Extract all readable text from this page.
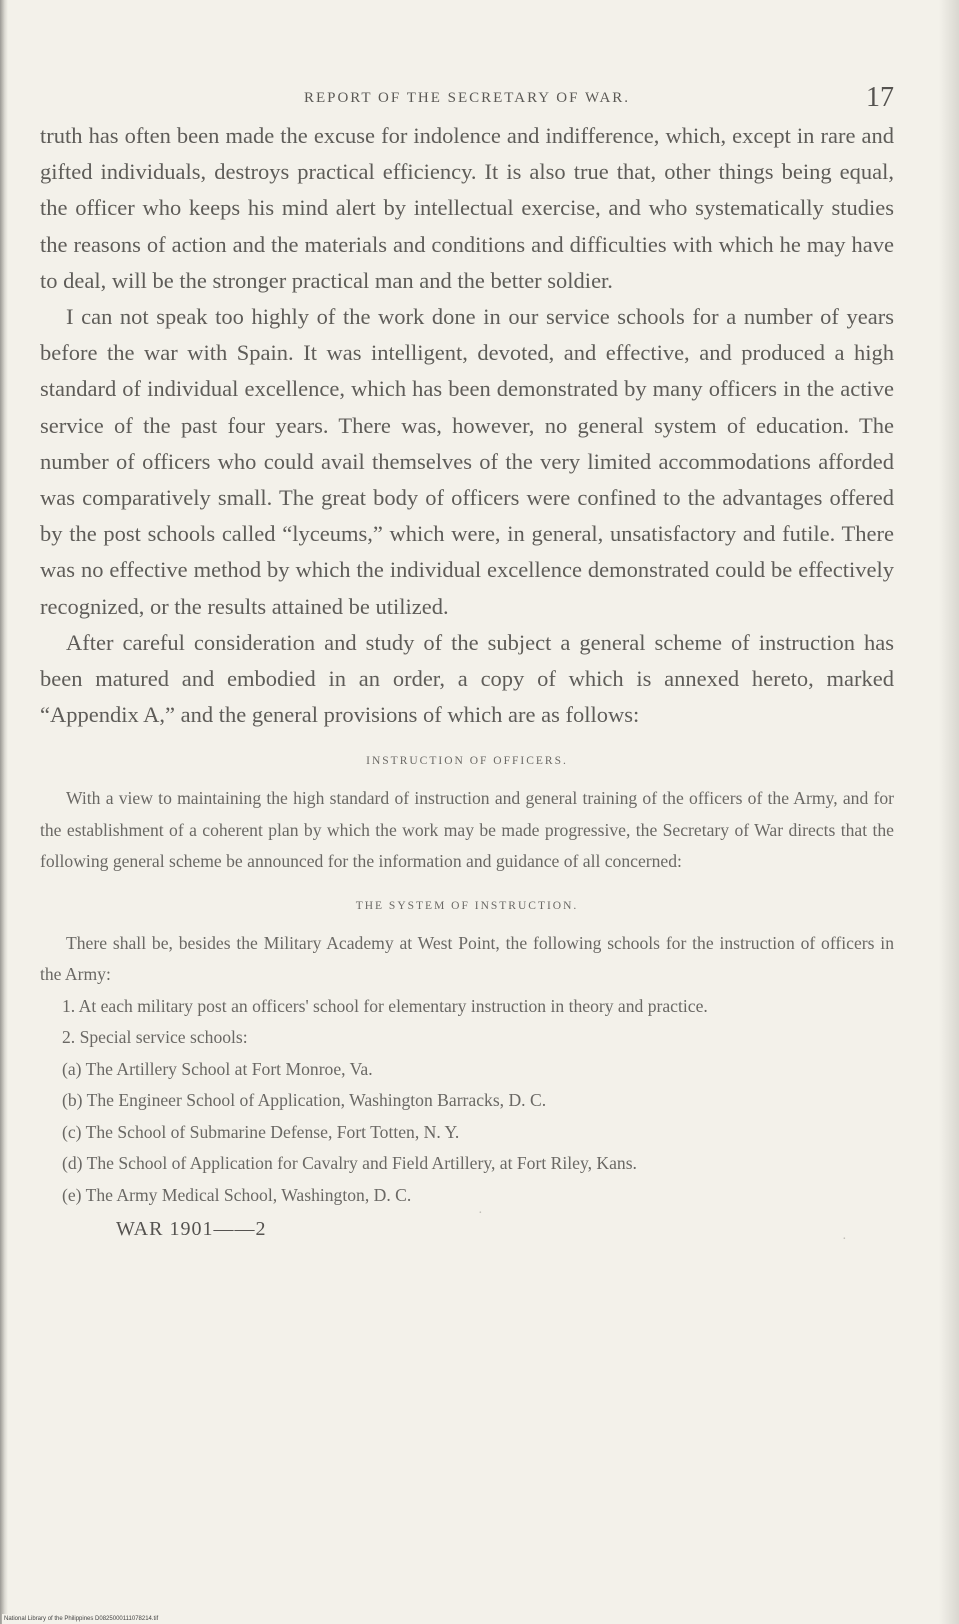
REPORT OF THE SECRETARY OF WAR.	17

truth has often been made the excuse for indolence and indifference, which, except in rare and gifted individuals, destroys practical efficiency. It is also true that, other things being equal, the officer who keeps his mind alert by intellectual exercise, and who systematically studies the reasons of action and the materials and conditions and difficulties with which he may have to deal, will be the stronger practical man and the better soldier.

I can not speak too highly of the work done in our service schools for a number of years before the war with Spain. It was intelligent, devoted, and effective, and produced a high standard of individual excellence, which has been demonstrated by many officers in the active service of the past four years. There was, however, no general system of education. The number of officers who could avail themselves of the very limited accommodations afforded was comparatively small. The great body of officers were confined to the advantages offered by the post schools called “lyceums,” which were, in general, unsatisfactory and futile. There was no effective method by which the individual excellence demonstrated could be effectively recognized, or the results attained be utilized.

After careful consideration and study of the subject a general scheme of instruction has been matured and embodied in an order, a copy of which is annexed hereto, marked “Appendix A,” and the general provisions of which are as follows:

INSTRUCTION OF OFFICERS.

With a view to maintaining the high standard of instruction and general training of the officers of the Army, and for the establishment of a coherent plan by which the work may be made progressive, the Secretary of War directs that the following general scheme be announced for the information and guidance of all concerned:

THE SYSTEM OF INSTRUCTION.

There shall be, besides the Military Academy at West Point, the following schools for the instruction of officers in the Army:

1. At each military post an officers' school for elementary instruction in theory and practice.

2. Special service schools:

(a) The Artillery School at Fort Monroe, Va.

(b) The Engineer School of Application, Washington Barracks, D. C.

(c) The School of Submarine Defense, Fort Totten, N. Y.

(d) The School of Application for Cavalry and Field Artillery, at Fort Riley, Kans.

(e) The Army Medical School, Washington, D. C.

WAR 1901——2	·
·
National Library of the Philippines D0825000111078214.tif
